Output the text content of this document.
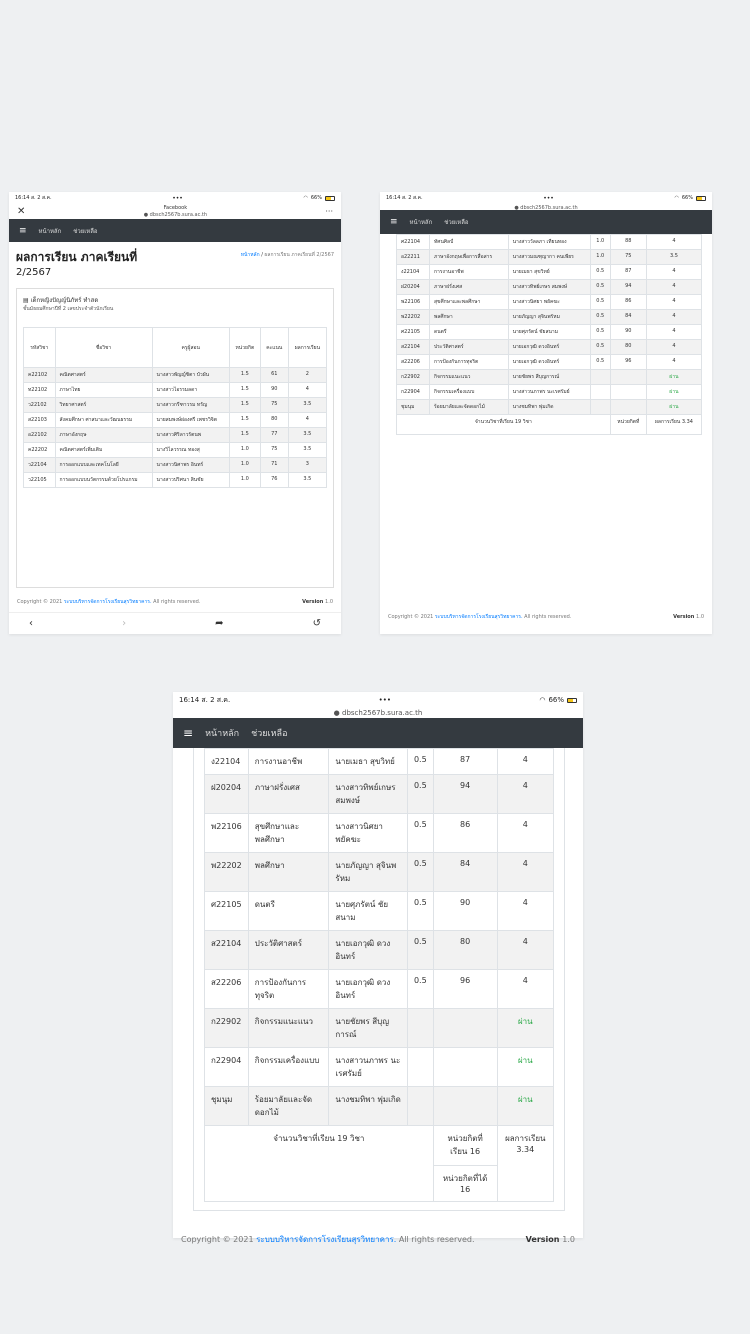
16:14 ส. 2 ส.ค.	•••	◠ 66%
✕	Facebook
● dbsch2567b.sura.ac.th	···
≡ หน้าหลัก ช่วยเหลือ
ผลการเรียน ภาคเรียนที่
2/2567
หน้าหลัก / ผลการเรียน ภาคเรียนที่ 2/2567
▤ เด็กหญิงปัญญ์นิภัทร์ ทำสด
ชั้นมัธยมศึกษาปีที่ 2 เลขประจำตัวนักเรียน
รหัสวิชา	ชื่อวิชา	ครูผู้สอน	หน่วยกิต	คะแนน	ผลการเรียน
ค22102	คณิตศาสตร์	นางสาวพัญญ์ชิตา บัวผัน	1.5	61	2
ท22102	ภาษาไทย	นางสาวไอรรมลดา	1.5	90	4
ว22102	วิทยาศาสตร์	นางสาวกรีฑาวรม ทรัญ	1.5	75	3.5
ส22103	สังคมศึกษา ศาสนาและวัฒนธรรม	นายสมพงษ์ผ่องศรี เพชรวิจิต	1.5	80	4
อ22102	ภาษาอังกฤษ	นางสาวศิริลาวรัตนพ	1.5	77	3.5
ค22202	คณิตศาสตร์เพิ่มเติม	นางวิไลวรรณ ทองสุ	1.0	75	3.5
ว22104	การออกแบบและเทคโนโลยี	นางสาวนิศาพร อินทร์	1.0	71	3
ว22105	การออกแบบนวัตกรรมด้วยโปรแกรม	นางสาวปริศนา สินชัย	1.0	76	3.5
Copyright © 2021 ระบบบริหารจัดการโรงเรียนสุรวิทยาคาร. All rights reserved.	Version 1.0
‹	›	➦	↺
16:14 ส. 2 ส.ค.	•••	◠ 66%
● dbsch2567b.sura.ac.th
≡ หน้าหลัก ช่วยเหลือ
ศ22104	ทัศนศิลป์	นางสาววัลลภา เทียนทอง	1.0	88	4
อ22211	ภาษาอังกฤษเพื่อการสื่อสาร	นางสาวมณฑุญากา คนเพียร	1.0	75	3.5
ง22104	การงานอาชีพ	นายเมธา สุขวิทย์	0.5	87	4
ฝ20204	ภาษาฝรั่งเศส	นางสาวทิพย์เกษร สมพงษ์	0.5	94	4
พ22106	สุขศึกษาและพลศึกษา	นางสาวนิศยา พยัคฆะ	0.5	86	4
พ22202	พลศึกษา	นายภัญญา สุจินพรัหม	0.5	84	4
ศ22105	ดนตรี	นายศุภรัตน์ ชัยสนาม	0.5	90	4
ส22104	ประวัติศาสตร์	นายเอกวุฒิ ดวงอินทร์	0.5	80	4
ส22206	การป้องกันการทุจริต	นายเอกวุฒิ ดวงอินทร์	0.5	96	4
ก22902	กิจกรรมแนะแนว	นายชัยพร สีบุญการณ์			ผ่าน
ก22904	กิจกรรมเครื่องแบบ	นางสาวนภาพร นะเรศรัมย์			ผ่าน
ชุมนุม	ร้อยมาลัยและจัดดอกไม้	นางชมทิพา พุ่มเกิด			ผ่าน
จำนวนวิชาที่เรียน 19 วิชา				หน่วยกิตที่	ผลการเรียน 3.34
Copyright © 2021 ระบบบริหารจัดการโรงเรียนสุรวิทยาคาร. All rights reserved.	Version 1.0
16:14 ส. 2 ส.ค.	•••	◠ 66%
● dbsch2567b.sura.ac.th
≡ หน้าหลัก ช่วยเหลือ
ง22104	การงานอาชีพ	นายเมธา สุขวิทย์	0.5	87	4
ฝ20204	ภาษาฝรั่งเศส	นางสาวทิพย์เกษร สมพงษ์	0.5	94	4
พ22106	สุขศึกษาและพลศึกษา	นางสาวนิศยา พยัคฆะ	0.5	86	4
พ22202	พลศึกษา	นายภัญญา สุจินพรัหม	0.5	84	4
ศ22105	ดนตรี	นายศุภรัตน์ ชัยสนาม	0.5	90	4
ส22104	ประวัติศาสตร์	นายเอกวุฒิ ดวงอินทร์	0.5	80	4
ส22206	การป้องกันการทุจริต	นายเอกวุฒิ ดวงอินทร์	0.5	96	4
ก22902	กิจกรรมแนะแนว	นายชัยพร สีบุญการณ์			ผ่าน
ก22904	กิจกรรมเครื่องแบบ	นางสาวนภาพร นะเรศรัมย์			ผ่าน
ชุมนุม	ร้อยมาลัยและจัดดอกไม้	นางชมทิพา พุ่มเกิด			ผ่าน
จำนวนวิชาที่เรียน 19 วิชา				หน่วยกิตที่เรียน 16	ผลการเรียน 3.34
				หน่วยกิตที่ได้ 16	
Copyright © 2021 ระบบบริหารจัดการโรงเรียนสุรวิทยาคาร. All rights reserved.	Version 1.0
